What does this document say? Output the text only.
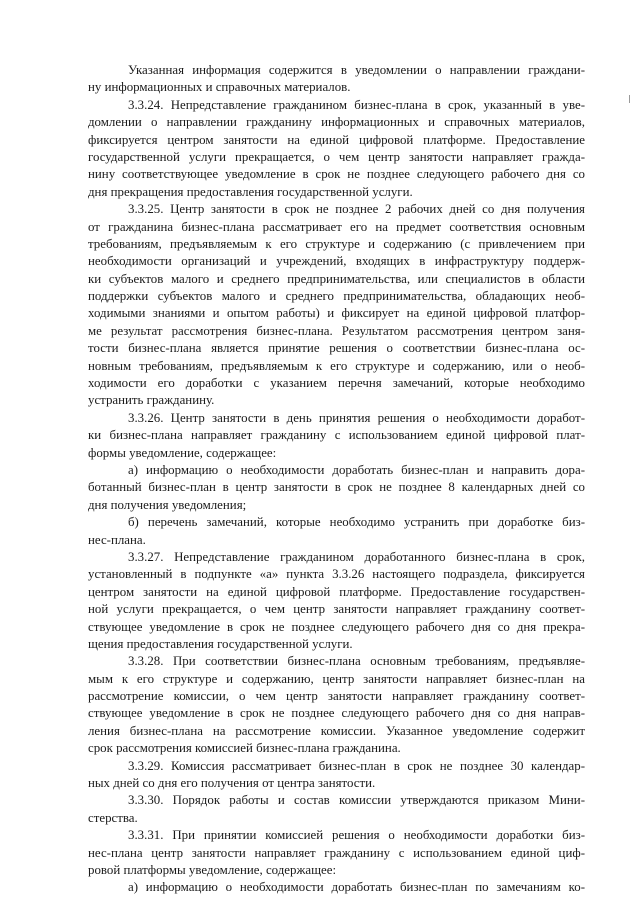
Указанная информация содержится в уведомлении о направлении граждани-
ну информационных и справочных материалов.
3.3.24. Непредставление гражданином бизнес-плана в срок, указанный в уве-
домлении о направлении гражданину информационных и справочных материалов,
фиксируется центром занятости на единой цифровой платформе. Предоставление
государственной услуги прекращается, о чем центр занятости направляет гражда-
нину соответствующее уведомление в срок не позднее следующего рабочего дня со
дня прекращения предоставления государственной услуги.
3.3.25. Центр занятости в срок не позднее 2 рабочих дней со дня получения
от гражданина бизнес-плана рассматривает его на предмет соответствия основным
требованиям, предъявляемым к его структуре и содержанию (с привлечением при
необходимости организаций и учреждений, входящих в инфраструктуру поддерж-
ки субъектов малого и среднего предпринимательства, или специалистов в области
поддержки субъектов малого и среднего предпринимательства, обладающих необ-
ходимыми знаниями и опытом работы) и фиксирует на единой цифровой платфор-
ме результат рассмотрения бизнес-плана. Результатом рассмотрения центром заня-
тости бизнес-плана является принятие решения о соответствии бизнес-плана ос-
новным требованиям, предъявляемым к его структуре и содержанию, или о необ-
ходимости его доработки с указанием перечня замечаний, которые необходимо
устранить гражданину.
3.3.26. Центр занятости в день принятия решения о необходимости доработ-
ки бизнес-плана направляет гражданину с использованием единой цифровой плат-
формы уведомление, содержащее:
а) информацию о необходимости доработать бизнес-план и направить дора-
ботанный бизнес-план в центр занятости в срок не позднее 8 календарных дней со
дня получения уведомления;
б) перечень замечаний, которые необходимо устранить при доработке биз-
нес-плана.
3.3.27. Непредставление гражданином доработанного бизнес-плана в срок,
установленный в подпункте «а» пункта 3.3.26 настоящего подраздела, фиксируется
центром занятости на единой цифровой платформе. Предоставление государствен-
ной услуги прекращается, о чем центр занятости направляет гражданину соответ-
ствующее уведомление в срок не позднее следующего рабочего дня со дня прекра-
щения предоставления государственной услуги.
3.3.28. При соответствии бизнес-плана основным требованиям, предъявляе-
мым к его структуре и содержанию, центр занятости направляет бизнес-план на
рассмотрение комиссии, о чем центр занятости направляет гражданину соответ-
ствующее уведомление в срок не позднее следующего рабочего дня со дня направ-
ления бизнес-плана на рассмотрение комиссии. Указанное уведомление содержит
срок рассмотрения комиссией бизнес-плана гражданина.
3.3.29. Комиссия рассматривает бизнес-план в срок не позднее 30 календар-
ных дней со дня его получения от центра занятости.
3.3.30. Порядок работы и состав комиссии утверждаются приказом Мини-
стерства.
3.3.31. При принятии комиссией решения о необходимости доработки биз-
нес-плана центр занятости направляет гражданину с использованием единой циф-
ровой платформы уведомление, содержащее:
а) информацию о необходимости доработать бизнес-план по замечаниям ко-
